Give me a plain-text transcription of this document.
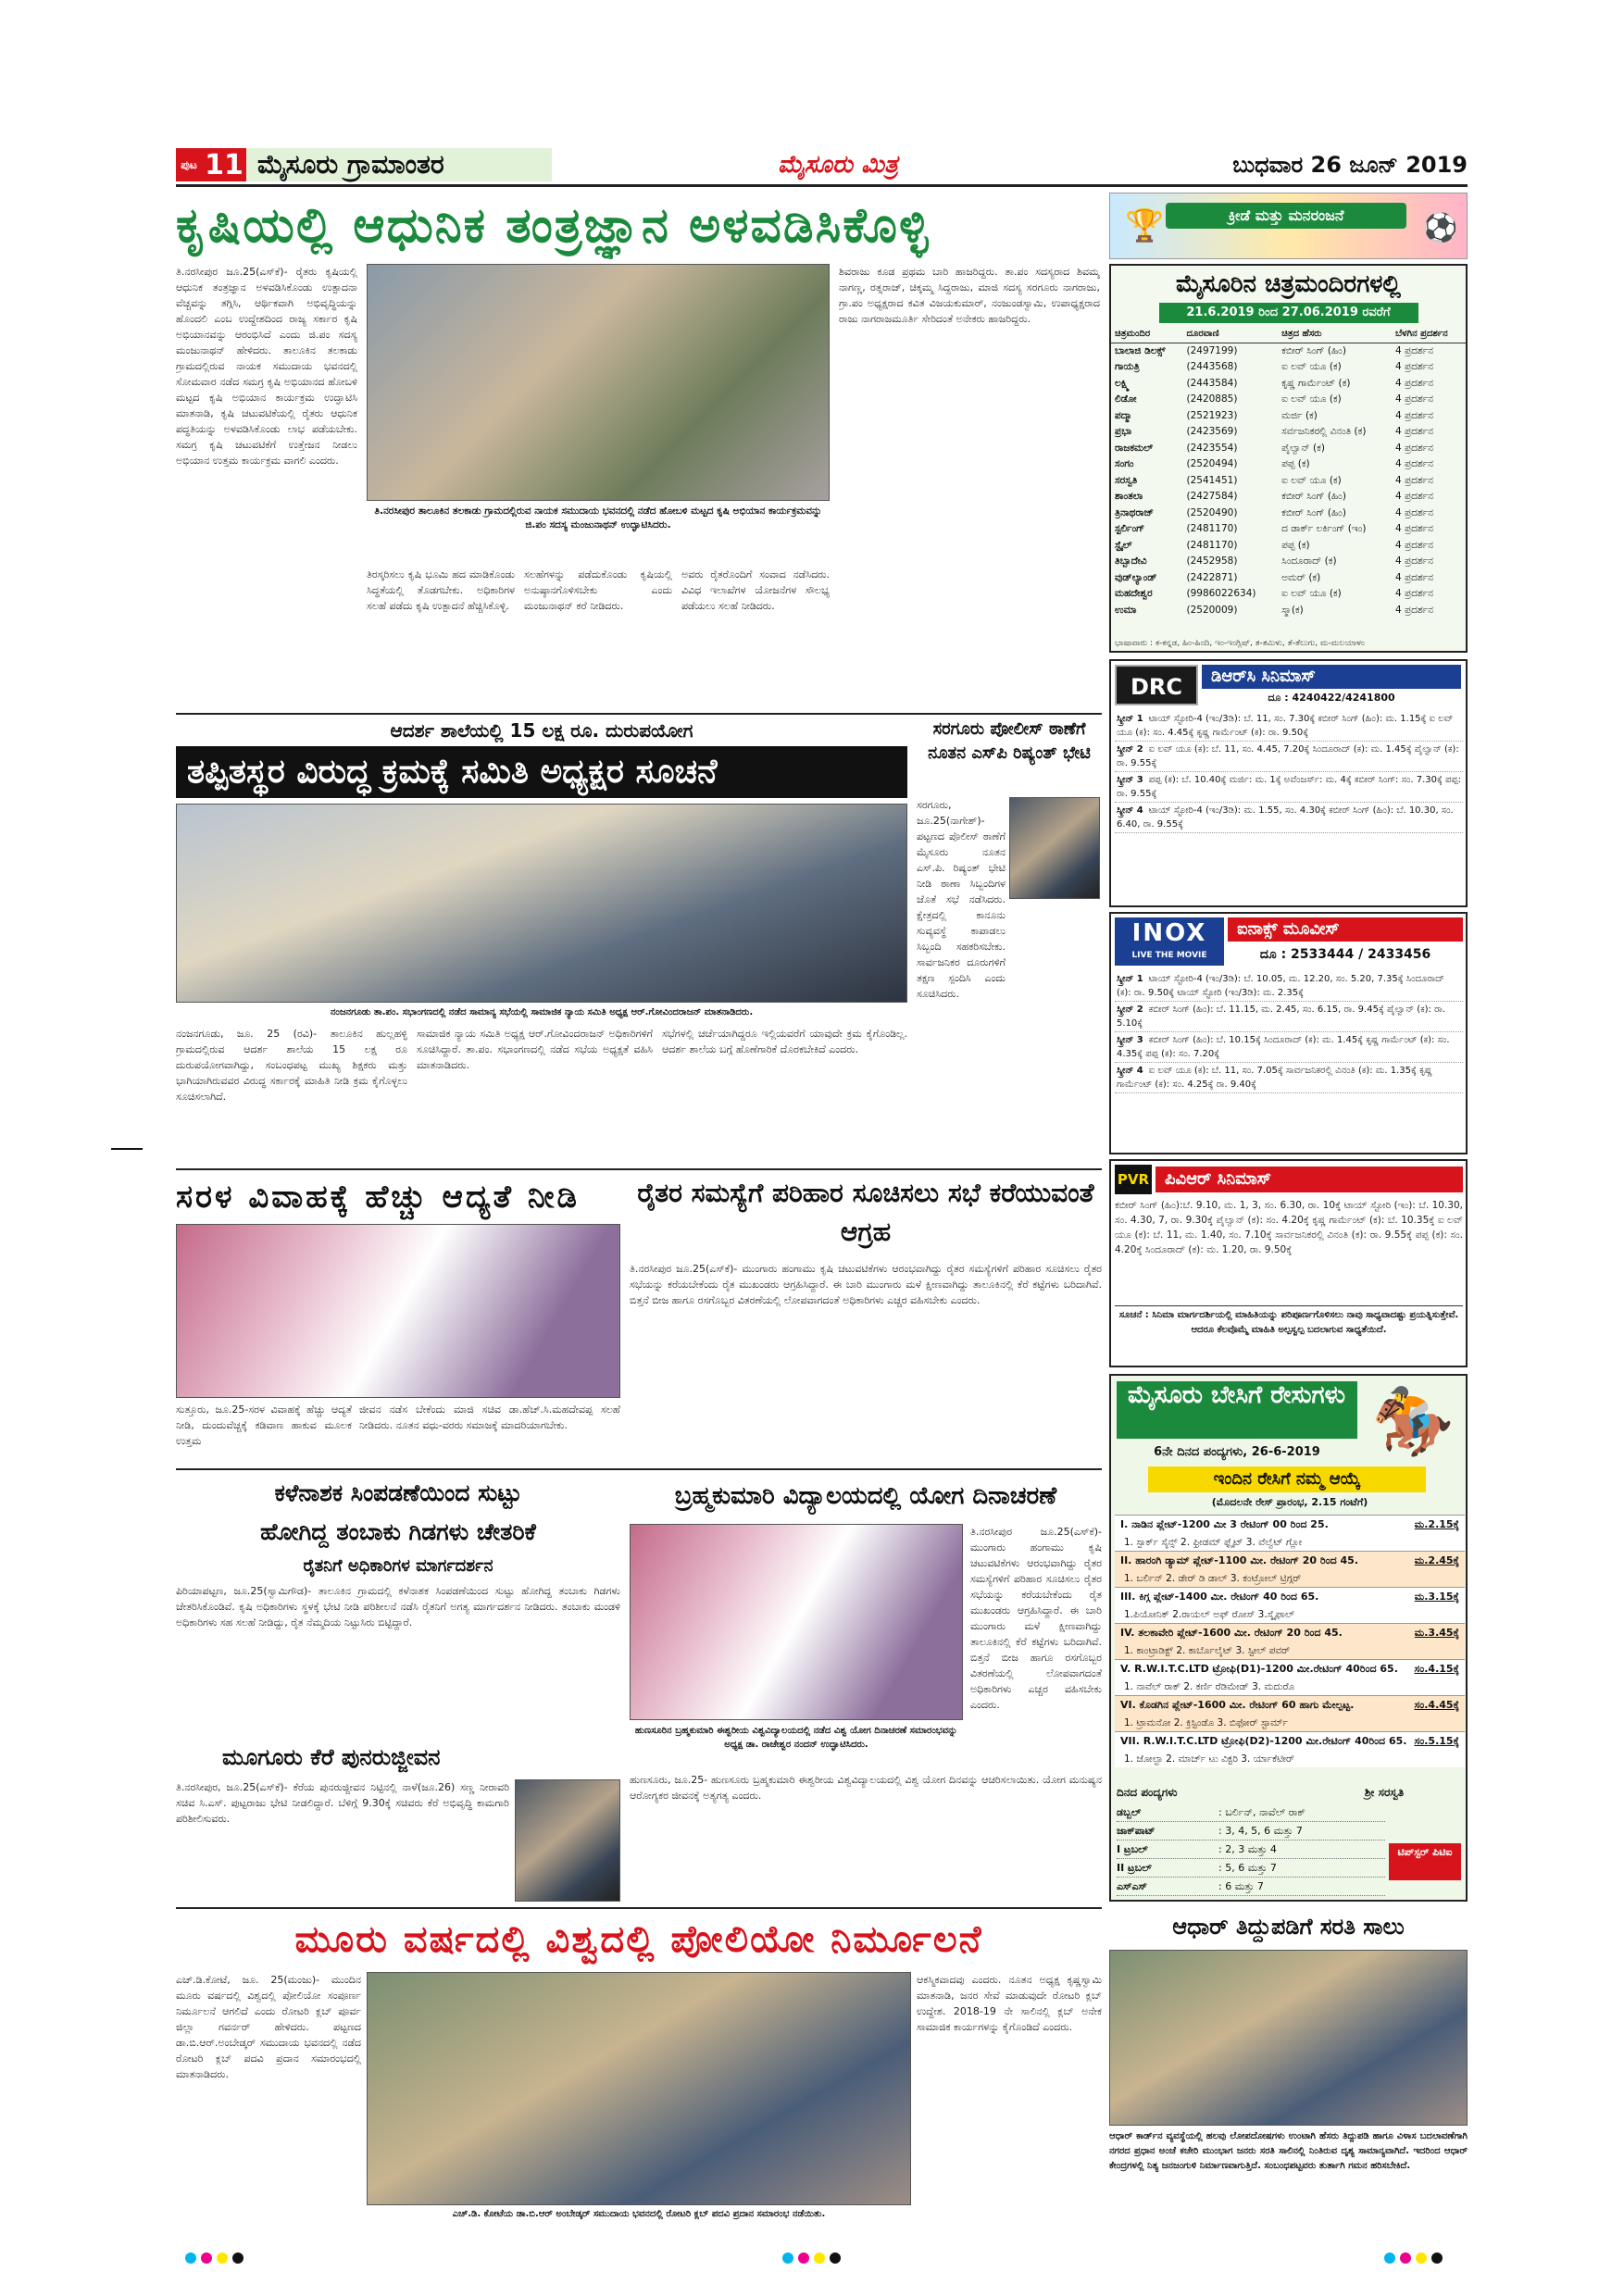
ಪುಟ 11 ಮೈಸೂರು ಗ್ರಾಮಾಂತರ	ಮೈಸೂರು ಮಿತ್ರ	ಬುಧವಾರ 26 ಜೂನ್ 2019
ಕೃಷಿಯಲ್ಲಿ ಆಧುನಿಕ ತಂತ್ರಜ್ಞಾನ ಅಳವಡಿಸಿಕೊಳ್ಳಿ
ತಿ.ನರಸೀಪುರ ಜೂ.25(ಎಸ್‌ಕೆ)- ರೈತರು ಕೃಷಿಯಲ್ಲಿ ಆಧುನಿಕ ತಂತ್ರಜ್ಞಾನ ಅಳವಡಿಸಿಕೊಂಡು ಉತ್ಪಾದನಾ ವೆಚ್ಚವನ್ನು ತಗ್ಗಿಸಿ, ಆರ್ಥಿಕವಾಗಿ ಅಭಿವೃದ್ಧಿಯನ್ನು ಹೊಂದಲಿ ಎಂಬ ಉದ್ದೇಶದಿಂದ ರಾಜ್ಯ ಸರ್ಕಾರ ಕೃಷಿ ಅಭಿಯಾನವನ್ನು ಆರಂಭಿಸಿದೆ ಎಂದು ಜಿ.ಪಂ ಸದಸ್ಯ ಮಂಜುನಾಥನ್ ಹೇಳಿದರು. ತಾಲೂಕಿನ ತಲಕಾಡು ಗ್ರಾಮದಲ್ಲಿರುವ ನಾಯಕ ಸಮುದಾಯ ಭವನದಲ್ಲಿ ಸೋಮವಾರ ನಡೆದ ಸಮಗ್ರ ಕೃಷಿ ಅಭಿಯಾನದ ಹೋಬಳಿ ಮಟ್ಟದ ಕೃಷಿ ಅಭಿಯಾನ ಕಾರ್ಯಕ್ರಮ ಉದ್ಘಾಟಿಸಿ ಮಾತನಾಡಿ, ಕೃಷಿ ಚಟುವಟಿಕೆಯಲ್ಲಿ ರೈತರು ಆಧುನಿಕ ಪದ್ಧತಿಯನ್ನು ಅಳವಡಿಸಿಕೊಂಡು ಲಾಭ ಪಡೆಯಬೇಕು. ಸಮಗ್ರ ಕೃಷಿ ಚಟುವಟಿಕೆಗೆ ಉತ್ತೇಜನ ನೀಡಲು ಅಭಿಯಾನ ಉತ್ತಮ ಕಾರ್ಯಕ್ರಮ ವಾಗಲಿ ಎಂದರು.
ತಿ.ನರಸೀಪುರ ತಾಲೂಕಿನ ತಲಕಾಡು ಗ್ರಾಮದಲ್ಲಿರುವ ನಾಯಕ ಸಮುದಾಯ ಭವನದಲ್ಲಿ ನಡೆದ ಹೋಬಳಿ ಮಟ್ಟದ ಕೃಷಿ ಅಭಿಯಾನ ಕಾರ್ಯಕ್ರಮವನ್ನು ಜಿ.ಪಂ ಸದಸ್ಯ ಮಂಜುನಾಥನ್ ಉದ್ಘಾಟಿಸಿದರು.
ತಿರಸ್ಕರಿಸಲು ಕೃಷಿ ಭೂಮಿ ಹದ ಮಾಡಿಕೊಂಡು ಸಿದ್ಧತೆಯಲ್ಲಿ ತೊಡಗಬೇಕು. ಅಧಿಕಾರಿಗಳ ಸಲಹೆ ಪಡೆದು ಕೃಷಿ ಉತ್ಪಾದನೆ ಹೆಚ್ಚಿಸಿಕೊಳ್ಳಿ.
ಸಲಹೆಗಳನ್ನು ಪಡೆದುಕೊಂಡು ಕೃಷಿಯಲ್ಲಿ ಅನುಷ್ಠಾನಗೊಳಿಸಬೇಕು ಎಂದು ಮಂಜುನಾಥನ್ ಕರೆ ನೀಡಿದರು.
ಅವರು ರೈತರೊಂದಿಗೆ ಸಂವಾದ ನಡೆಸಿದರು. ವಿವಿಧ ಇಲಾಖೆಗಳ ಯೋಜನೆಗಳ ಸೌಲಭ್ಯ ಪಡೆಯಲು ಸಲಹೆ ನೀಡಿದರು.
ಶಿವರಾಜು ಕೂಡ ಪ್ರಥಮ ಬಾರಿ ಹಾಜರಿದ್ದರು. ತಾ.ಪಂ ಸದಸ್ಯರಾದ ಶಿವಮ್ಮ ನಾಗಣ್ಣ, ರತ್ನರಾಜ್, ಚಿಕ್ಕಮ್ಮ ಸಿದ್ದರಾಜು, ಮಾಜಿ ಸದಸ್ಯ ಸರಗೂರು ನಾಗರಾಜು, ಗ್ರಾ.ಪಂ ಅಧ್ಯಕ್ಷರಾದ ಕವಿತ ವಿಜಯಕುಮಾರ್, ನಂಜುಂಡಸ್ವಾಮಿ, ಉಪಾಧ್ಯಕ್ಷರಾದ ರಾಜು ನಾಗರಾಜಮೂರ್ತಿ ಸೇರಿದಂತೆ ಅನೇಕರು ಹಾಜರಿದ್ದರು.
ಕ್ರೀಡೆ ಮತ್ತು ಮನರಂಜನೆ
🏆	⚽
ಮೈಸೂರಿನ ಚಿತ್ರಮಂದಿರಗಳಲ್ಲಿ
21.6.2019 ರಿಂದ 27.06.2019 ರವರೆಗೆ
ಚಿತ್ರಮಂದಿರ	ದೂರವಾಣಿ	ಚಿತ್ರದ ಹೆಸರು	ಬೆಳಗಿನ ಪ್ರದರ್ಶನ
ಬಾಲಾಜಿ ಡಿಲಕ್ಸ್	(2497199)	ಕಬೀರ್ ಸಿಂಗ್ (ಹಿಂ)	4 ಪ್ರದರ್ಶನ
ಗಾಯತ್ರಿ	(2443568)	ಐ ಲವ್ ಯೂ (ಕ)	4 ಪ್ರದರ್ಶನ
ಲಕ್ಷ್ಮಿ	(2443584)	ಕೃಷ್ಣ ಗಾರ್ಮೆಂಟ್ (ಕ)	4 ಪ್ರದರ್ಶನ
ಲಿಡೋ	(2420885)	ಐ ಲವ್ ಯೂ (ಕ)	4 ಪ್ರದರ್ಶನ
ಪದ್ಮಾ	(2521923)	ಮರ್ಜಿ (ಕ)	4 ಪ್ರದರ್ಶನ
ಪ್ರಭಾ	(2423569)	ಸರ್ವಜನಿಕರಲ್ಲಿ ವಿನಂತಿ (ಕ)	4 ಪ್ರದರ್ಶನ
ರಾಜಕಮಲ್	(2423554)	ಪೈಲ್ವಾನ್ (ಕ)	4 ಪ್ರದರ್ಶನ
ಸಂಗಂ	(2520494)	ಪಪ್ಪ (ಕ)	4 ಪ್ರದರ್ಶನ
ಸರಸ್ವತಿ	(2541451)	ಐ ಲವ್ ಯೂ (ಕ)	4 ಪ್ರದರ್ಶನ
ಶಾಂತಲಾ	(2427584)	ಕಬೀರ್ ಸಿಂಗ್ (ಹಿಂ)	4 ಪ್ರದರ್ಶನ
ತ್ರಿನಾಥರಾಜ್	(2520490)	ಕಬೀರ್ ಸಿಂಗ್ (ಹಿಂ)	4 ಪ್ರದರ್ಶನ
ಸ್ಟರ್ಲಿಂಗ್	(2481170)	ದ ಡಾರ್ಕ್ ಲರ್ಕಿಂಗ್ (ಇಂ)	4 ಪ್ರದರ್ಶನ
ಸ್ಟೈಲ್	(2481170)	ಪಪ್ಪ (ಕ)	4 ಪ್ರದರ್ಶನ
ತಿಬ್ಬಾದೇವಿ	(2452958)	ಸಿಂದೂರಾದ್ (ಕ)	4 ಪ್ರದರ್ಶನ
ವುಡ್‌ಲ್ಯಾಂಡ್	(2422871)	ಅಮರ್ (ಕ)	4 ಪ್ರದರ್ಶನ
ಮಹದೇಶ್ವರ	(9986022634)	ಐ ಲವ್ ಯೂ (ಕ)	4 ಪ್ರದರ್ಶನ
ಉಮಾ	(2520009)	ಸ್ಮಾ(ಕ)	4 ಪ್ರದರ್ಶನ
ಭಾಷಾವಾರು : ಕ-ಕನ್ನಡ, ಹಿಂ-ಹಿಂದಿ, ಇಂ-ಇಂಗ್ಲಿಷ್, ತ-ತಮಿಳು, ತೆ-ತೆಲುಗು, ಮ-ಮಲಯಾಳಂ
ಆದರ್ಶ ಶಾಲೆಯಲ್ಲಿ 15 ಲಕ್ಷ ರೂ. ದುರುಪಯೋಗ
ತಪ್ಪಿತಸ್ಥರ ವಿರುದ್ಧ ಕ್ರಮಕ್ಕೆ ಸಮಿತಿ ಅಧ್ಯಕ್ಷರ ಸೂಚನೆ
ನಂಜನಗೂಡು ತಾ.ಪಂ. ಸಭಾಂಗಣದಲ್ಲಿ ನಡೆದ ಸಾಮಾನ್ಯ ಸಭೆಯಲ್ಲಿ ಸಾಮಾಜಿಕ ನ್ಯಾಯ ಸಮಿತಿ ಅಧ್ಯಕ್ಷ ಆರ್.ಗೋವಿಂದರಾಜನ್ ಮಾತನಾಡಿದರು.
ನಂಜನಗೂಡು, ಜೂ. 25 (ರವಿ)- ತಾಲೂಕಿನ ಹುಲ್ಲಹಳ್ಳಿ ಗ್ರಾಮದಲ್ಲಿರುವ ಆದರ್ಶ ಶಾಲೆಯ 15 ಲಕ್ಷ ರೂ ದುರುಪಯೋಗವಾಗಿದ್ದು, ಸಂಬಂಧಪಟ್ಟ ಮುಖ್ಯ ಶಿಕ್ಷಕರು ಮತ್ತು ಭಾಗಿಯಾಗಿರುವವರ ವಿರುದ್ಧ ಸರ್ಕಾರಕ್ಕೆ ಮಾಹಿತಿ ನೀಡಿ ಕ್ರಮ ಕೈಗೊಳ್ಳಲು ಸೂಚಿಸಲಾಗಿದೆ.
ಸಾಮಾಜಿಕ ನ್ಯಾಯ ಸಮಿತಿ ಅಧ್ಯಕ್ಷ ಆರ್.ಗೋವಿಂದರಾಜನ್ ಅಧಿಕಾರಿಗಳಿಗೆ ಸೂಚಿಸಿದ್ದಾರೆ. ತಾ.ಪಂ. ಸಭಾಂಗಣದಲ್ಲಿ ನಡೆದ ಸಭೆಯ ಅಧ್ಯಕ್ಷತೆ ವಹಿಸಿ ಮಾತನಾಡಿದರು.
ಸಭೆಗಳಲ್ಲಿ ಚರ್ಚೆಯಾಗಿದ್ದರೂ ಇಲ್ಲಿಯವರೆಗೆ ಯಾವುದೇ ಕ್ರಮ ಕೈಗೊಂಡಿಲ್ಲ. ಆದರ್ಶ ಶಾಲೆಯ ಬಗ್ಗೆ ಹೊಣೆಗಾರಿಕೆ ದೊರಕಬೇಕಿದೆ ಎಂದರು.
ಸರಗೂರು ಪೋಲೀಸ್ ಠಾಣೆಗೆ ನೂತನ ಎಸ್‌ಪಿ ರಿಷ್ಯಂತ್ ಭೇಟಿ
ಸರಗೂರು, ಜೂ.25(ನಾಗೇಶ್)- ಪಟ್ಟಣದ ಪೊಲೀಸ್ ಠಾಣೆಗೆ ಮೈಸೂರು ನೂತನ ಎಸ್.ಪಿ. ರಿಷ್ಯಂತ್ ಭೇಟಿ ನೀಡಿ ಠಾಣಾ ಸಿಬ್ಬಂದಿಗಳ ಜೊತೆ ಸಭೆ ನಡೆಸಿದರು. ಕ್ಷೇತ್ರದಲ್ಲಿ ಕಾನೂನು ಸುವ್ಯವಸ್ಥೆ ಕಾಪಾಡಲು ಸಿಬ್ಬಂದಿ ಸಹಕರಿಸಬೇಕು. ಸಾರ್ವಜನಿಕರ ದೂರುಗಳಿಗೆ ತಕ್ಷಣ ಸ್ಪಂದಿಸಿ ಎಂದು ಸೂಚಿಸಿದರು.
DRC	ಡಿಆರ್‌ಸಿ ಸಿನಿಮಾಸ್
ದೂ : 4240422/4241800
ಸ್ಕ್ರೀನ್ 1 ಟಾಯ್ ಸ್ಟೋರಿ-4 (ಇಂ/3ಡಿ): ಬೆ. 11, ಸಂ. 7.30ಕ್ಕೆ ಕಬೀರ್ ಸಿಂಗ್ (ಹಿಂ): ಮ. 1.15ಕ್ಕೆ ಐ ಲವ್ ಯೂ (ಕ): ಸಂ. 4.45ಕ್ಕೆ ಕೃಷ್ಣ ಗಾರ್ಮೆಂಟ್ (ಕ): ರಾ. 9.50ಕ್ಕೆ
ಸ್ಕ್ರೀನ್ 2 ಐ ಲವ್ ಯೂ (ಕ): ಬೆ. 11, ಸಂ. 4.45, 7.20ಕ್ಕೆ ಸಿಂದೂರಾದ್ (ಕ): ಮ. 1.45ಕ್ಕೆ ಪೈಲ್ವಾನ್ (ಕ): ರಾ. 9.55ಕ್ಕೆ
ಸ್ಕ್ರೀನ್ 3 ಪಪ್ಪ (ಕ): ಬೆ. 10.40ಕ್ಕೆ ಮರ್ಜಿ: ಮ. 1ಕ್ಕೆ ಅವೆಂಜರ್ಸ್: ಮ. 4ಕ್ಕೆ ಕಬೀರ್ ಸಿಂಗ್: ಸಂ. 7.30ಕ್ಕೆ ಪಪ್ಪ: ರಾ. 9.55ಕ್ಕೆ
ಸ್ಕ್ರೀನ್ 4 ಟಾಯ್ ಸ್ಟೋರಿ-4 (ಇಂ/3ಡಿ): ಮ. 1.55, ಸಂ. 4.30ಕ್ಕೆ ಕಬೀರ್ ಸಿಂಗ್ (ಹಿಂ): ಬೆ. 10.30, ಸಂ. 6.40, ರಾ. 9.55ಕ್ಕೆ
INOX
LIVE THE MOVIE
ಐನಾಕ್ಸ್ ಮೂವೀಸ್
ದೂ : 2533444 / 2433456
ಸ್ಕ್ರೀನ್ 1 ಟಾಯ್ ಸ್ಟೋರಿ-4 (ಇಂ/3ಡಿ): ಬೆ. 10.05, ಮ. 12.20, ಸಂ. 5.20, 7.35ಕ್ಕೆ ಸಿಂದೂರಾದ್ (ಕ): ರಾ. 9.50ಕ್ಕೆ ಟಾಯ್ ಸ್ಟೋರಿ (ಇಂ/3ಡಿ): ಮ. 2.35ಕ್ಕೆ
ಸ್ಕ್ರೀನ್ 2 ಕಬೀರ್ ಸಿಂಗ್ (ಹಿಂ): ಬೆ. 11.15, ಮ. 2.45, ಸಂ. 6.15, ರಾ. 9.45ಕ್ಕೆ ಪೈಲ್ವಾನ್ (ಕ): ರಾ. 5.10ಕ್ಕೆ
ಸ್ಕ್ರೀನ್ 3 ಕಬೀರ್ ಸಿಂಗ್ (ಹಿಂ): ಬೆ. 10.15ಕ್ಕೆ ಸಿಂದೂರಾದ್ (ಕ): ಮ. 1.45ಕ್ಕೆ ಕೃಷ್ಣ ಗಾರ್ಮೆಂಟ್ (ಕ): ಸಂ. 4.35ಕ್ಕೆ ಪಪ್ಪ (ಕ): ಸಂ. 7.20ಕ್ಕೆ
ಸ್ಕ್ರೀನ್ 4 ಐ ಲವ್ ಯೂ (ಕ): ಬೆ. 11, ಸಂ. 7.05ಕ್ಕೆ ಸಾರ್ವಜನಿಕರಲ್ಲಿ ವಿನಂತಿ (ಕ): ಮ. 1.35ಕ್ಕೆ ಕೃಷ್ಣ ಗಾರ್ಮೆಂಟ್ (ಕ): ಸಂ. 4.25ಕ್ಕೆ ರಾ. 9.40ಕ್ಕೆ
PVR ಪಿವಿಆರ್ ಸಿನಿಮಾಸ್
ಕಬೀರ್ ಸಿಂಗ್ (ಹಿಂ):ಬೆ. 9.10, ಮ. 1, 3, ಸಂ. 6.30, ರಾ. 10ಕ್ಕೆ ಟಾಯ್ ಸ್ಟೋರಿ (ಇಂ): ಬೆ. 10.30, ಸಂ. 4.30, 7, ರಾ. 9.30ಕ್ಕೆ ಪೈಲ್ವಾನ್ (ಕ): ಸಂ. 4.20ಕ್ಕೆ ಕೃಷ್ಣ ಗಾರ್ಮೆಂಟ್ (ಕ): ಬೆ. 10.35ಕ್ಕೆ ಐ ಲವ್ ಯೂ (ಕ): ಬೆ. 11, ಮ. 1.40, ಸಂ. 7.10ಕ್ಕೆ ಸಾರ್ವಜನಿಕರಲ್ಲಿ ವಿನಂತಿ (ಕ): ರಾ. 9.55ಕ್ಕೆ ಪಪ್ಪ (ಕ): ಸಂ. 4.20ಕ್ಕೆ ಸಿಂದೂರಾದ್ (ಕ): ಮ. 1.20, ರಾ. 9.50ಕ್ಕೆ
ಸೂಚನೆ : ಸಿನಿಮಾ ಮಾರ್ಗದರ್ಶಿಯಲ್ಲಿ ಮಾಹಿತಿಯನ್ನು ಪರಿಪೂರ್ಣಗೊಳಿಸಲು ನಾವು ಸಾಧ್ಯವಾದಷ್ಟು ಪ್ರಯತ್ನಿಸುತ್ತೇವೆ. ಆದರೂ ಕೆಲವೊಮ್ಮೆ ಮಾಹಿತಿ ಅಲ್ಪಸ್ವಲ್ಪ ಬದಲಾಗುವ ಸಾಧ್ಯತೆಯಿದೆ.
ಸರಳ ವಿವಾಹಕ್ಕೆ ಹೆಚ್ಚು ಆದ್ಯತೆ ನೀಡಿ
ಸುತ್ತೂರು, ಜೂ.25-ಸರಳ ವಿವಾಹಕ್ಕೆ ಹೆಚ್ಚು ಆದ್ಯತೆ ನೀಡಿ, ದುಂದುವೆಚ್ಚಕ್ಕೆ ಕಡಿವಾಣ ಹಾಕುವ ಮೂಲಕ ಉತ್ತಮ
ಜೀವನ ನಡೆಸ ಬೇಕೆಂದು ಮಾಜಿ ಸಚಿವ ಡಾ.ಹೆಚ್.ಸಿ.ಮಹದೇವಪ್ಪ ಸಲಹೆ ನೀಡಿದರು. ನೂತನ ವಧು-ವರರು ಸಮಾಜಕ್ಕೆ ಮಾದರಿಯಾಗಬೇಕು.
ರೈತರ ಸಮಸ್ಯೆಗೆ ಪರಿಹಾರ ಸೂಚಿಸಲು ಸಭೆ ಕರೆಯುವಂತೆ ಆಗ್ರಹ
ತಿ.ನರಸೀಪುರ ಜೂ.25(ಎಸ್‌ಕೆ)- ಮುಂಗಾರು ಹಂಗಾಮು ಕೃಷಿ ಚಟುವಟಿಕೆಗಳು ಆರಂಭವಾಗಿದ್ದು ರೈತರ ಸಮಸ್ಯೆಗಳಿಗೆ ಪರಿಹಾರ ಸೂಚಿಸಲು ರೈತರ ಸಭೆಯನ್ನು ಕರೆಯಬೇಕೆಂದು ರೈತ ಮುಖಂಡರು ಆಗ್ರಹಿಸಿದ್ದಾರೆ. ಈ ಬಾರಿ ಮುಂಗಾರು ಮಳೆ ಕ್ಷೀಣವಾಗಿದ್ದು ತಾಲೂಕಿನಲ್ಲಿ ಕೆರೆ ಕಟ್ಟೆಗಳು ಬರಿದಾಗಿವೆ. ಬಿತ್ತನೆ ಬೀಜ ಹಾಗೂ ರಸಗೊಬ್ಬರ ವಿತರಣೆಯಲ್ಲಿ ಲೋಪವಾಗದಂತೆ ಅಧಿಕಾರಿಗಳು ಎಚ್ಚರ ವಹಿಸಬೇಕು ಎಂದರು.
ಕಳೆನಾಶಕ ಸಿಂಪಡಣೆಯಿಂದ ಸುಟ್ಟು
ಹೋಗಿದ್ದ ತಂಬಾಕು ಗಿಡಗಳು ಚೇತರಿಕೆ
ರೈತನಿಗೆ ಅಧಿಕಾರಿಗಳ ಮಾರ್ಗದರ್ಶನ
ಪಿರಿಯಾಪಟ್ಟಣ, ಜೂ.25(ಸ್ವಾಮಿಗೌಡ)- ತಾಲೂಕಿನ ಗ್ರಾಮದಲ್ಲಿ ಕಳೆನಾಶಕ ಸಿಂಪಡಣೆಯಿಂದ ಸುಟ್ಟು ಹೋಗಿದ್ದ ತಂಬಾಕು ಗಿಡಗಳು ಚೇತರಿಸಿಕೊಂಡಿವೆ. ಕೃಷಿ ಅಧಿಕಾರಿಗಳು ಸ್ಥಳಕ್ಕೆ ಭೇಟಿ ನೀಡಿ ಪರಿಶೀಲನೆ ನಡೆಸಿ ರೈತನಿಗೆ ಅಗತ್ಯ ಮಾರ್ಗದರ್ಶನ ನೀಡಿದರು. ತಂಬಾಕು ಮಂಡಳಿ ಅಧಿಕಾರಿಗಳು ಸಹ ಸಲಹೆ ನೀಡಿದ್ದು, ರೈತ ನೆಮ್ಮದಿಯ ನಿಟ್ಟುಸಿರು ಬಿಟ್ಟಿದ್ದಾರೆ.
ಮೂಗೂರು ಕೆರೆ ಪುನರುಜ್ಜೀವನ
ತಿ.ನರಸೀಪುರ, ಜೂ.25(ಎಸ್‌ಕೆ)- ಕೆರೆಯ ಪುನರುಜ್ಜೀವನ ನಿಟ್ಟಿನಲ್ಲಿ ನಾಳೆ(ಜೂ.26) ಸಣ್ಣ ನೀರಾವರಿ ಸಚಿವ ಸಿ.ಎಸ್. ಪುಟ್ಟರಾಜು ಭೇಟಿ ನೀಡಲಿದ್ದಾರೆ. ಬೆಳಿಗ್ಗೆ 9.30ಕ್ಕೆ ಸಚಿವರು ಕೆರೆ ಅಭಿವೃದ್ಧಿ ಕಾಮಗಾರಿ ಪರಿಶೀಲಿಸುವರು.
ಬ್ರಹ್ಮಕುಮಾರಿ ವಿದ್ಯಾಲಯದಲ್ಲಿ ಯೋಗ ದಿನಾಚರಣೆ
ಹುಣಸೂರಿನ ಬ್ರಹ್ಮಕುಮಾರಿ ಈಶ್ವರೀಯ ವಿಶ್ವವಿದ್ಯಾಲಯದಲ್ಲಿ ನಡೆದ ವಿಶ್ವ ಯೋಗ ದಿನಾಚರಣೆ ಸಮಾರಂಭವನ್ನು ಅಧ್ಯಕ್ಷ ಡಾ. ರಾಜೇಶ್ವರ ನಂದನ್ ಉದ್ಘಾಟಿಸಿದರು.
ಹುಣಸೂರು, ಜೂ.25- ಹುಣಸೂರು ಬ್ರಹ್ಮಕುಮಾರಿ ಈಶ್ವರೀಯ ವಿಶ್ವವಿದ್ಯಾಲಯದಲ್ಲಿ ವಿಶ್ವ ಯೋಗ ದಿನವನ್ನು ಆಚರಿಸಲಾಯಿತು. ಯೋಗ ಮನುಷ್ಯನ ಆರೋಗ್ಯಕರ ಜೀವನಕ್ಕೆ ಅತ್ಯಗತ್ಯ ಎಂದರು.
ತಿ.ನರಸೀಪುರ ಜೂ.25(ಎಸ್‌ಕೆ)- ಮುಂಗಾರು ಹಂಗಾಮು ಕೃಷಿ ಚಟುವಟಿಕೆಗಳು ಆರಂಭವಾಗಿದ್ದು ರೈತರ ಸಮಸ್ಯೆಗಳಿಗೆ ಪರಿಹಾರ ಸೂಚಿಸಲು ರೈತರ ಸಭೆಯನ್ನು ಕರೆಯಬೇಕೆಂದು ರೈತ ಮುಖಂಡರು ಆಗ್ರಹಿಸಿದ್ದಾರೆ. ಈ ಬಾರಿ ಮುಂಗಾರು ಮಳೆ ಕ್ಷೀಣವಾಗಿದ್ದು ತಾಲೂಕಿನಲ್ಲಿ ಕೆರೆ ಕಟ್ಟೆಗಳು ಬರಿದಾಗಿವೆ. ಬಿತ್ತನೆ ಬೀಜ ಹಾಗೂ ರಸಗೊಬ್ಬರ ವಿತರಣೆಯಲ್ಲಿ ಲೋಪವಾಗದಂತೆ ಅಧಿಕಾರಿಗಳು ಎಚ್ಚರ ವಹಿಸಬೇಕು ಎಂದರು.
ಮೈಸೂರು ಬೇಸಿಗೆ ರೇಸುಗಳು 🏇
6ನೇ ದಿನದ ಪಂದ್ಯಗಳು, 26-6-2019
ಇಂದಿನ ರೇಸಿಗೆ ನಮ್ಮ ಆಯ್ಕೆ
(ಮೊದಲನೇ ರೇಸ್ ಪ್ರಾರಂಭ, 2.15 ಗಂಟೆಗೆ)
I. ನಾಡಿನ ಪ್ಲೇಟ್-1200 ಮೀ 3 ರೇಟಿಂಗ್ 00 ರಿಂದ 25.	ಮ.2.15ಕ್ಕೆ
1. ಸ್ಪಾರ್ಕ್ ಸೈನ್ಸ್ 2. ಫ್ರೀಡಮ್ ಫ್ಲೈಟ್ 3. ವೆಲ್ವೆಟ್ ಗ್ಲೋ
II. ಹಾರಂಗಿ ಡ್ಯಾಮ್ ಪ್ಲೇಟ್-1100 ಮೀ. ರೇಟಿಂಗ್ 20 ರಿಂದ 45.	ಮ.2.45ಕ್ಕೆ
1. ಬರ್ಲಿನ್ 2. ಡೇರ್ ಡಿ ಡಾಲ್ 3. ಕಂಟ್ರೋಲ್ ಟ್ರಿಗ್ಗರ್
III. ಕಿಗ್ಗ ಪ್ಲೇಟ್-1400 ಮೀ. ರೇಟಿಂಗ್ 40 ರಿಂದ 65.	ಮ.3.15ಕ್ಕೆ
1.ಪಿಯೋನಿಕ್ 2.ರಾಯಲ್ ಅಫ್ ರೋಸ್ 3.ಸ್ಕೈಫಾಲ್
IV. ತಲಕಾವೇರಿ ಪ್ಲೇಟ್-1600 ಮೀ. ರೇಟಿಂಗ್ 20 ರಿಂದ 45.	ಮ.3.45ಕ್ಕೆ
1. ಕಾಂಟ್ರಾಡಿಕ್ಟ್ 2. ಕಾರ್ಬೊಲೈಟ್ 3. ಸ್ಟೀಲ್ ಪವರ್
V. R.W.I.T.C.LTD ಟ್ರೋಫಿ(D1)-1200 ಮೀ.ರೇಟಿಂಗ್ 40ರಿಂದ 65.	ಸಂ.4.15ಕ್ಕೆ
1. ನಾವೆಲ್ ರಾಕ್ 2. ಕರ್ಣಿ ರೆಡಿಮೇಡ್ 3. ಮದುರೊ
VI. ಕೊಡಗಿನ ಪ್ಲೇಟ್-1600 ಮೀ. ರೇಟಿಂಗ್ 60 ಹಾಗು ಮೇಲ್ಪಟ್ಟ.	ಸಂ.4.45ಕ್ಕೆ
1. ಟ್ರಾಮನೋ 2. ಕ್ರಿಸ್ಟಿಂಡೊ 3. ಬಿಫೋರ್ ಸ್ಟಾರ್ಮ್
VII. R.W.I.T.C.LTD ಟ್ರೋಫಿ(D2)-1200 ಮೀ.ರೇಟಿಂಗ್ 40ರಿಂದ 65. ಸಂ.5.15ಕ್ಕೆ
1. ಜೋಲ್ಟಾ 2. ಮಾರ್ಚ್ ಟು ವಿಕ್ಟರಿ 3. ರ್ಯಾಕೆಟೀರ್
ದಿನದ ಪಂದ್ಯಗಳು	ಶ್ರೀ ಸರಸ್ವತಿ
ಡಬ್ಬಲ್	: ಬರ್ಲಿನ್, ನಾವೆಲ್ ರಾಕ್
ಜಾಕ್‌ಪಾಟ್	: 3, 4, 5, 6 ಮತ್ತು 7
I ಟ್ರಬಲ್	: 2, 3 ಮತ್ತು 4
II ಟ್ರಬಲ್	: 5, 6 ಮತ್ತು 7
ಎಸ್‌ಎಸ್	: 6 ಮತ್ತು 7
ಟಿಪ್‌ಸ್ಟರ್ ಪಿಟಿಐ
ಮೂರು ವರ್ಷದಲ್ಲಿ ವಿಶ್ವದಲ್ಲಿ ಪೋಲಿಯೋ ನಿರ್ಮೂಲನೆ
ಎಚ್.ಡಿ.ಕೋಟೆ, ಜೂ. 25(ಮಂಜು)- ಮುಂದಿನ ಮೂರು ವರ್ಷದಲ್ಲಿ ವಿಶ್ವದಲ್ಲಿ ಪೋಲಿಯೋ ಸಂಪೂರ್ಣ ನಿರ್ಮೂಲನೆ ಆಗಲಿದೆ ಎಂದು ರೋಟರಿ ಕ್ಲಬ್ ಪೂರ್ವ ಜಿಲ್ಲಾ ಗವರ್ನರ್ ಹೇಳಿದರು. ಪಟ್ಟಣದ ಡಾ.ಬಿ.ಆರ್.ಅಂಬೇಡ್ಕರ್ ಸಮುದಾಯ ಭವನದಲ್ಲಿ ನಡೆದ ರೋಟರಿ ಕ್ಲಬ್ ಪದವಿ ಪ್ರದಾನ ಸಮಾರಂಭದಲ್ಲಿ ಮಾತನಾಡಿದರು.
ಎಚ್.ಡಿ. ಕೋಟೆಯ ಡಾ.ಬಿ.ಆರ್ ಅಂಬೇಡ್ಕರ್ ಸಮುದಾಯ ಭವನದಲ್ಲಿ ರೋಟರಿ ಕ್ಲಬ್ ಪದವಿ ಪ್ರದಾನ ಸಮಾರಂಭ ನಡೆಯಿತು.
ಆಕಸ್ಮಿಕವಾದವು ಎಂದರು. ನೂತನ ಅಧ್ಯಕ್ಷ ಕೃಷ್ಣಸ್ವಾಮಿ ಮಾತನಾಡಿ, ಜನರ ಸೇವೆ ಮಾಡುವುದೇ ರೋಟರಿ ಕ್ಲಬ್ ಉದ್ದೇಶ. 2018-19 ನೇ ಸಾಲಿನಲ್ಲಿ ಕ್ಲಬ್ ಅನೇಕ ಸಾಮಾಜಿಕ ಕಾರ್ಯಗಳನ್ನು ಕೈಗೊಂಡಿದೆ ಎಂದರು.
ಆಧಾರ್ ತಿದ್ದುಪಡಿಗೆ ಸರತಿ ಸಾಲು
ಆಧಾರ್ ಕಾರ್ಡ್‌ನ ವ್ಯವಸ್ಥೆಯಲ್ಲಿ ಹಲವು ಲೋಪದೋಷಗಳು ಉಂಟಾಗಿ ಹೆಸರು ತಿದ್ದುಪಡಿ ಹಾಗೂ ವಿಳಾಸ ಬದಲಾವಣೆಗಾಗಿ ನಗರದ ಪ್ರಧಾನ ಅಂಚೆ ಕಚೇರಿ ಮುಂಭಾಗ ಜನರು ಸರತಿ ಸಾಲಿನಲ್ಲಿ ನಿಂತಿರುವ ದೃಶ್ಯ ಸಾಮಾನ್ಯವಾಗಿದೆ. ಇದರಿಂದ ಆಧಾರ್ ಕೇಂದ್ರಗಳಲ್ಲಿ ನಿತ್ಯ ಜನಜಂಗುಳಿ ನಿರ್ಮಾಣವಾಗುತ್ತಿದೆ. ಸಂಬಂಧಪಟ್ಟವರು ತುರ್ತಾಗಿ ಗಮನ ಹರಿಸಬೇಕಿದೆ.
